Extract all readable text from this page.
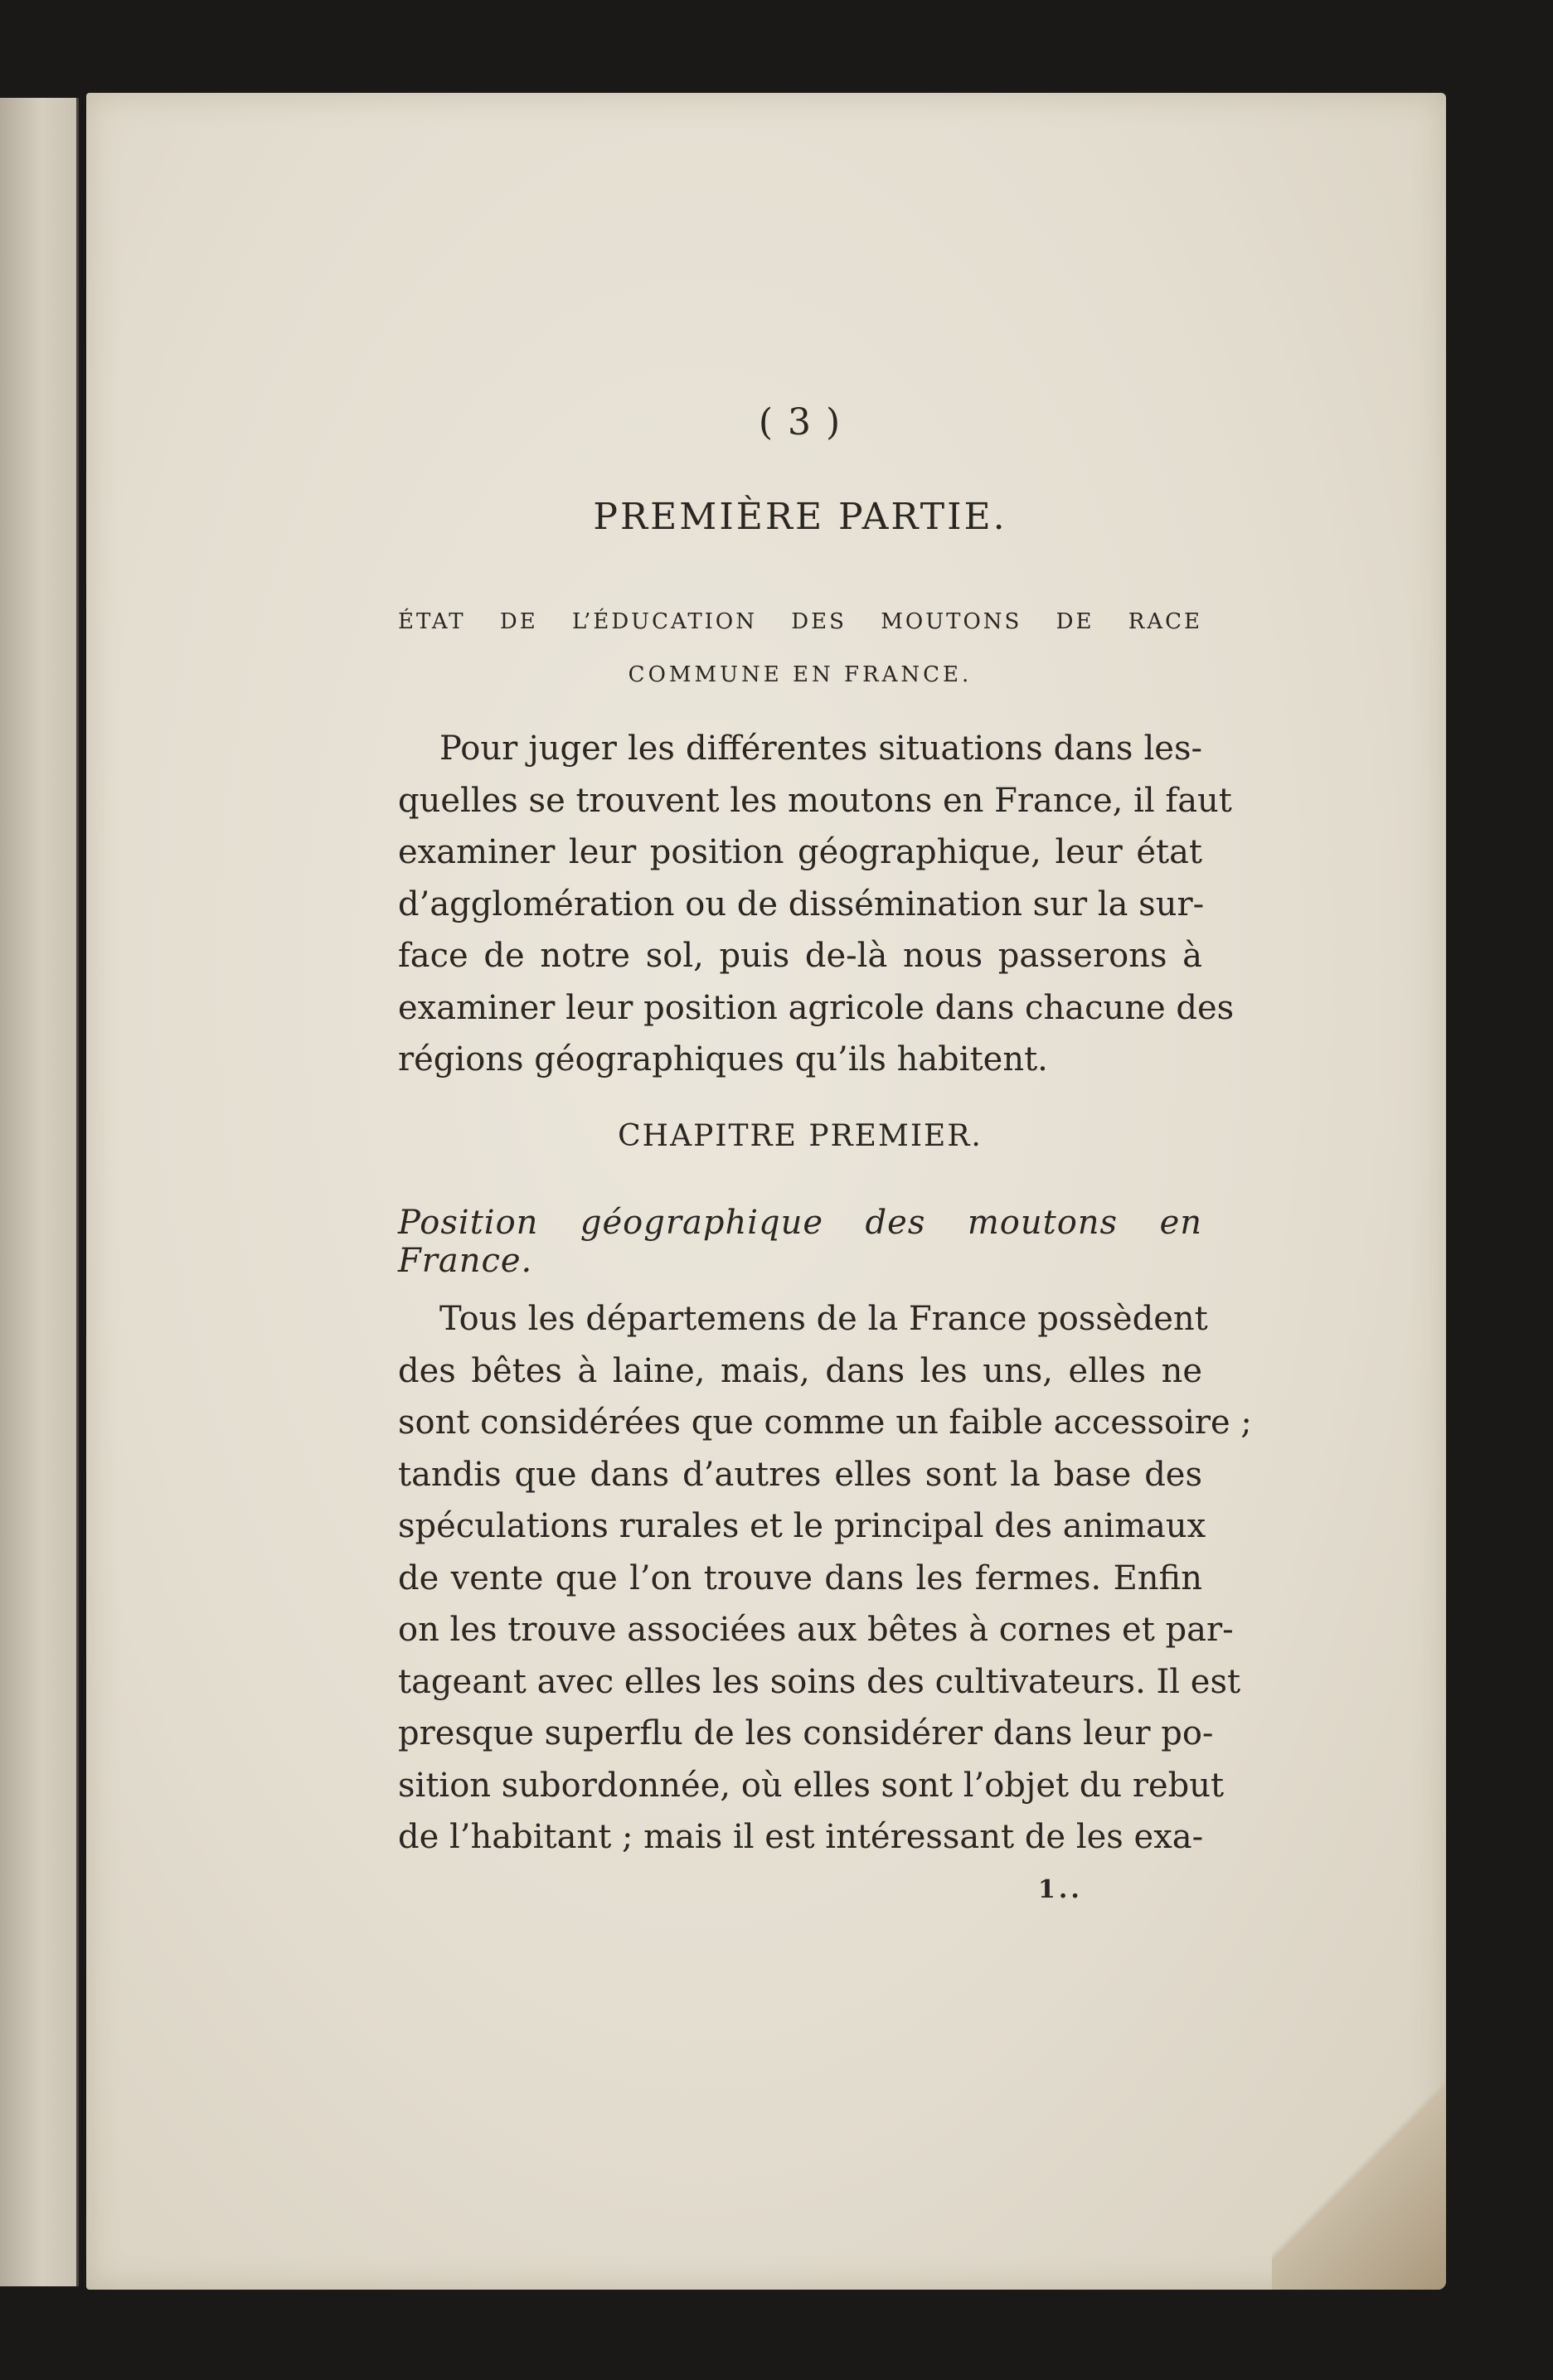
( 3 )
PREMIÈRE PARTIE.
ÉTAT DE L’ÉDUCATION DES MOUTONS DE RACE
COMMUNE EN FRANCE.
Pour juger les différentes situations dans les-
quelles se trouvent les moutons en France, il faut
examiner leur position géographique, leur état
d’agglomération ou de dissémination sur la sur-
face de notre sol, puis de-là nous passerons à
examiner leur position agricole dans chacune des
régions géographiques qu’ils habitent.
CHAPITRE PREMIER.
Position géographique des moutons en France.
Tous les départemens de la France possèdent
des bêtes à laine, mais, dans les uns, elles ne
sont considérées que comme un faible accessoire ;
tandis que dans d’autres elles sont la base des
spéculations rurales et le principal des animaux
de vente que l’on trouve dans les fermes. Enfin
on les trouve associées aux bêtes à cornes et par-
tageant avec elles les soins des cultivateurs. Il est
presque superflu de les considérer dans leur po-
sition subordonnée, où elles sont l’objet du rebut
de l’habitant ; mais il est intéressant de les exa-
1..
